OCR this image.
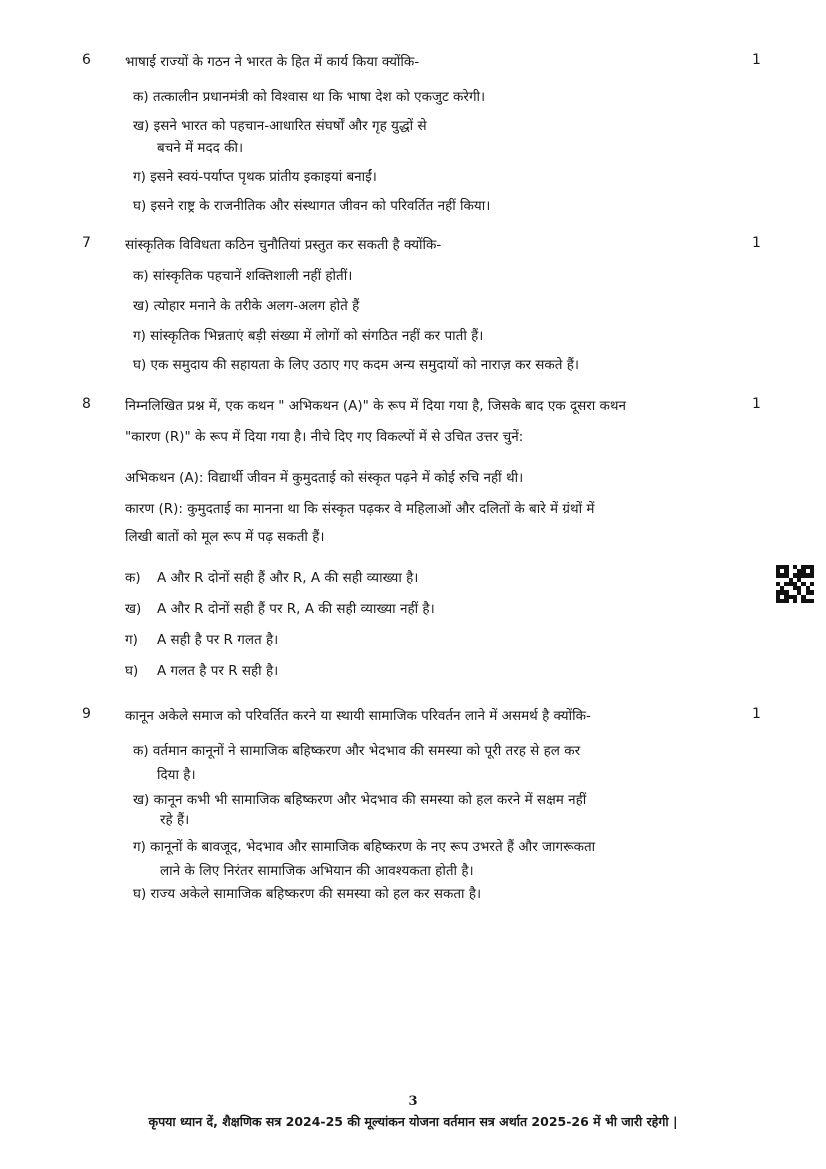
6	भाषाई राज्यों के गठन ने भारत के हित में कार्य किया क्योंकि-	1
क) तत्कालीन प्रधानमंत्री को विश्वास था कि भाषा देश को एकजुट करेगी।
ख) इसने भारत को पहचान-आधारित संघर्षों और गृह युद्धों से
बचने में मदद की।
ग) इसने स्वयं-पर्याप्त पृथक प्रांतीय इकाइयां बनाईं।
घ) इसने राष्ट्र के राजनीतिक और संस्थागत जीवन को परिवर्तित नहीं किया।
7	सांस्कृतिक विविधता कठिन चुनौतियां प्रस्तुत कर सकती है क्योंकि-	1
क) सांस्कृतिक पहचानें शक्तिशाली नहीं होतीं।
ख) त्योहार मनाने के तरीके अलग-अलग होते हैं
ग) सांस्कृतिक भिन्नताएं बड़ी संख्या में लोगों को संगठित नहीं कर पाती हैं।
घ) एक समुदाय की सहायता के लिए उठाए गए कदम अन्य समुदायों को नाराज़ कर सकते हैं।
8	निम्नलिखित प्रश्न में, एक कथन " अभिकथन (A)" के रूप में दिया गया है, जिसके बाद एक दूसरा कथन	1
"कारण (R)" के रूप में दिया गया है। नीचे दिए गए विकल्पों में से उचित उत्तर चुनें:
अभिकथन (A): विद्यार्थी जीवन में कुमुदताई को संस्कृत पढ़ने में कोई रुचि नहीं थी।
कारण (R): कुमुदताई का मानना था कि संस्कृत पढ़कर वे महिलाओं और दलितों के बारे में ग्रंथों में
लिखी बातों को मूल रूप में पढ़ सकती हैं।
क) A और R दोनों सही हैं और R, A की सही व्याख्या है।
ख) A और R दोनों सही हैं पर R, A की सही व्याख्या नहीं है।
ग) A सही है पर R गलत है।
घ) A गलत है पर R सही है।
9	कानून अकेले समाज को परिवर्तित करने या स्थायी सामाजिक परिवर्तन लाने में असमर्थ है क्योंकि-	1
क) वर्तमान कानूनों ने सामाजिक बहिष्करण और भेदभाव की समस्या को पूरी तरह से हल कर
दिया है।
ख) कानून कभी भी सामाजिक बहिष्करण और भेदभाव की समस्या को हल करने में सक्षम नहीं
रहे हैं।
ग) कानूनों के बावजूद, भेदभाव और सामाजिक बहिष्करण के नए रूप उभरते हैं और जागरूकता
लाने के लिए निरंतर सामाजिक अभियान की आवश्यकता होती है।
घ) राज्य अकेले सामाजिक बहिष्करण की समस्या को हल कर सकता है।
3
कृपया ध्यान दें, शैक्षणिक सत्र 2024-25 की मूल्यांकन योजना वर्तमान सत्र अर्थात 2025-26 में भी जारी रहेगी |
